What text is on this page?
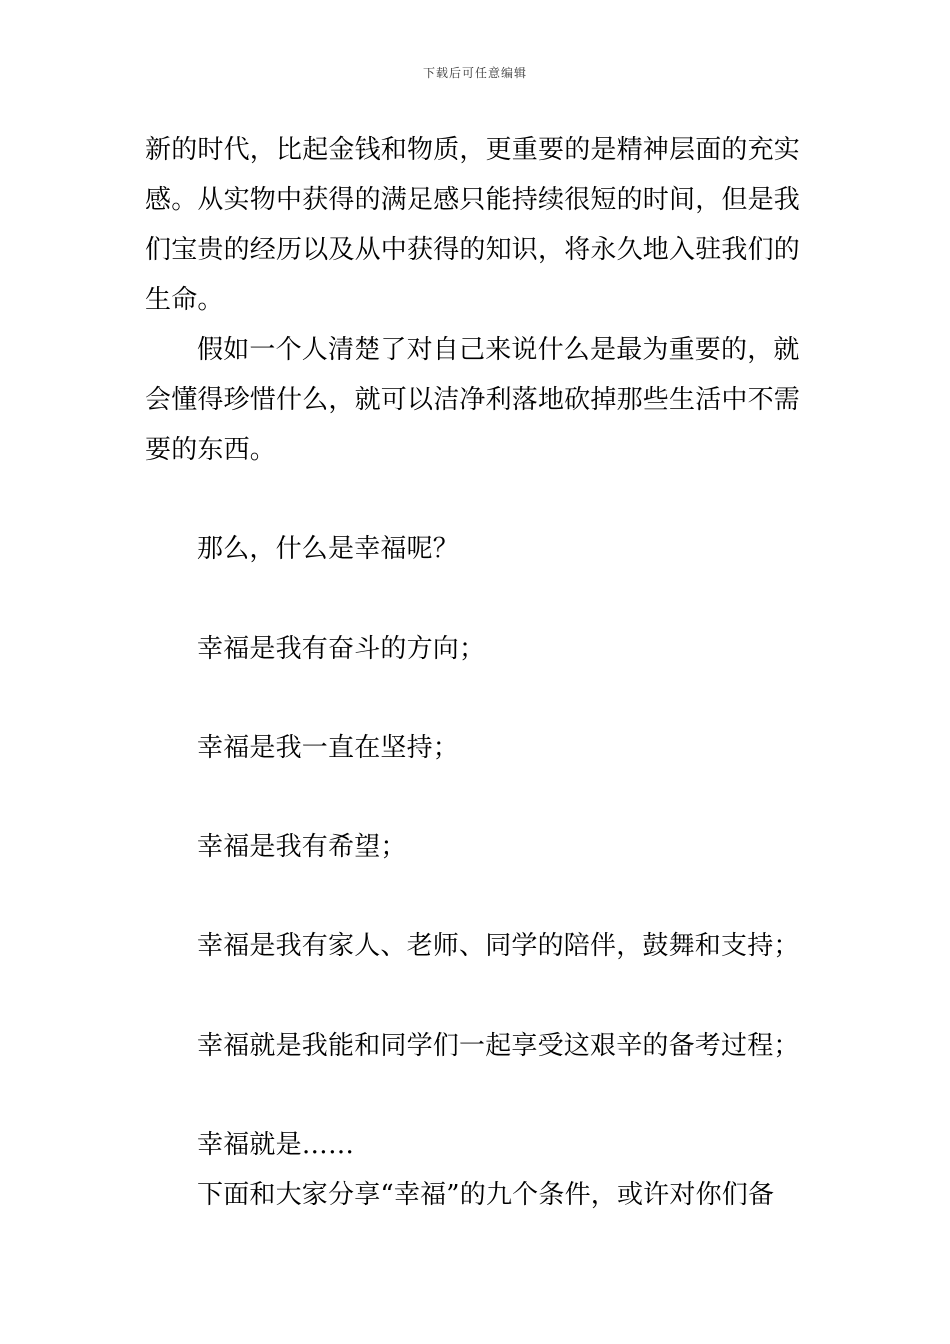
下载后可任意编辑
新的时代，比起金钱和物质，更重要的是精神层面的充实
感。从实物中获得的满足感只能持续很短的时间，但是我
们宝贵的经历以及从中获得的知识，将永久地入驻我们的
生命。
假如一个人清楚了对自己来说什么是最为重要的，就
会懂得珍惜什么，就可以洁净利落地砍掉那些生活中不需
要的东西。
那么，什么是幸福呢？
幸福是我有奋斗的方向；
幸福是我一直在坚持；
幸福是我有希望；
幸福是我有家人、老师、同学的陪伴，鼓舞和支持；
幸福就是我能和同学们一起享受这艰辛的备考过程；
幸福就是……
下面和大家分享“幸福”的九个条件，或许对你们备
